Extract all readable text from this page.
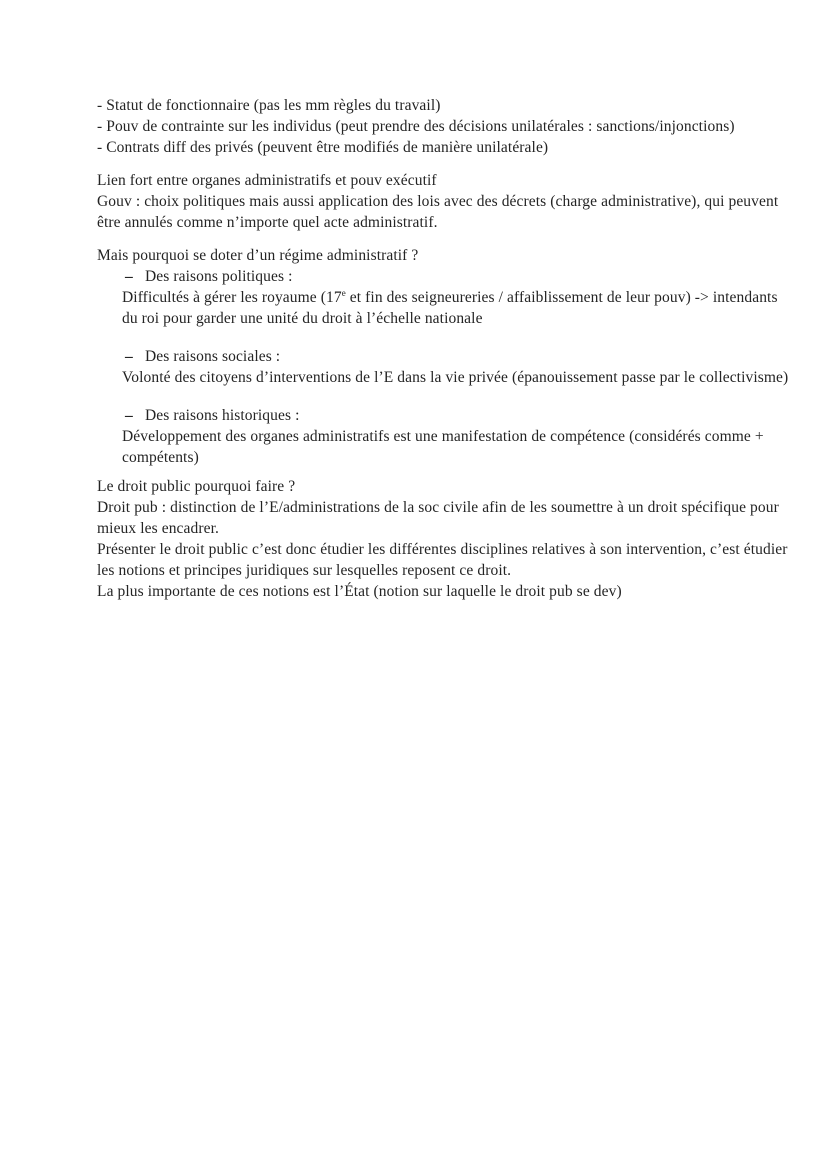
- Statut de fonctionnaire (pas les mm règles du travail)
- Pouv de contrainte sur les individus (peut prendre des décisions unilatérales : sanctions/injonctions)
- Contrats diff des privés (peuvent être modifiés de manière unilatérale)
Lien fort entre organes administratifs et pouv exécutif
Gouv : choix politiques mais aussi application des lois avec des décrets (charge administrative), qui peuvent
être annulés comme n’importe quel acte administratif.
Mais pourquoi se doter d’un régime administratif ?
– Des raisons politiques :
Difficultés à gérer les royaume (17e et fin des seigneureries / affaiblissement de leur pouv) -> intendants
du roi pour garder une unité du droit à l’échelle nationale
– Des raisons sociales :
Volonté des citoyens d’interventions de l’E dans la vie privée (épanouissement passe par le collectivisme)
– Des raisons historiques :
Développement des organes administratifs est une manifestation de compétence (considérés comme +
compétents)
Le droit public pourquoi faire ?
Droit pub : distinction de l’E/administrations de la soc civile afin de les soumettre à un droit spécifique pour
mieux les encadrer.
Présenter le droit public c’est donc étudier les différentes disciplines relatives à son intervention, c’est étudier
les notions et principes juridiques sur lesquelles reposent ce droit.
La plus importante de ces notions est l’État (notion sur laquelle le droit pub se dev)
